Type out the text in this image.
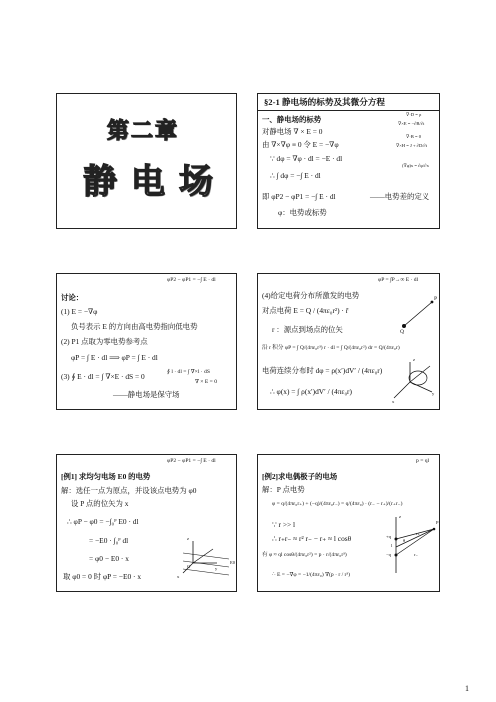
第二章
静电场
§2-1 静电场的标势及其微分方程
一、静电场的标势
对静电场 ∇ × E = 0
由 ∇×∇φ ≡ 0 令 E = −∇φ
∵ dφ = ∇φ · dl = −E · dl
∴ ∫ dφ = −∫ E · dl
即 φP2 − φP1 = −∫ E · dl	——电势差的定义
φ：电势或标势
∇·D = ρ
∇×E = −∂B/∂t
∇·B = 0
∇×H = J + ∂D/∂t
(∇φ)x = ∂φ/∂x
φP2 − φP1 = −∫ E · dl
讨论：
(1) E = −∇φ
负号表示 E 的方向由高电势指向低电势
(2) P1 点取为零电势参考点
φP = ∫ E · dl ⟹ φP = ∫ E · dl
(3) ∮ E · dl = ∫ ∇×E · dS = 0	∮ l · dl = ∫ ∇×l · dS
∇ × E = 0
——静电场是保守场
φP = ∫P→∞ E · dl
(4)给定电荷分布所激发的电势
对点电荷 E = Q / (4πε₀r²) · r̂
r ：源点到场点的位矢
沿 r 积分 φP = ∫ Q/(4πε₀r³) r · dl = ∫ Q/(4πε₀r²) dr = Q/(4πε₀r)
电荷连续分布时 dφ = ρ(x′)dV′ / (4πε₀r)
∴ φ(x) = ∫ ρ(x′)dV′ / (4πε₀r)
P
Q
z
x
y
φP2 − φP1 = −∫ E · dl
[例1] 求均匀电场 E0 的电势
解：选任一点为原点，并设该点电势为 φ0
设 P 点的位矢为 x
∴ φP − φ0 = −∫₀ᴾ E0 · dl
= −E0 · ∫₀ᴾ dl
= φ0 − E0 · x
取 φ0 = 0 时 φP = −E0 · x
z
x
y
O
E0
p = ql
[例2]求电偶极子的电场
解：P 点电势
φ = q/(4πε₀r₊) + (−q)/(4πε₀r₋) = q/(4πε₀) · (r₋ − r₊)/(r₊r₋)
∵ r >> l
∴ r₊r₋ ≈ r² r₋ − r₊ ≈ l cosθ
有 φ ≈ ql cosθ/(4πε₀r²) = p · r/(4πε₀r³)
∴ E = −∇φ = −1/(4πε₀) ∇(p · r / r³)
z
P
+q
−q
l
r₊
r₋
θ
1
